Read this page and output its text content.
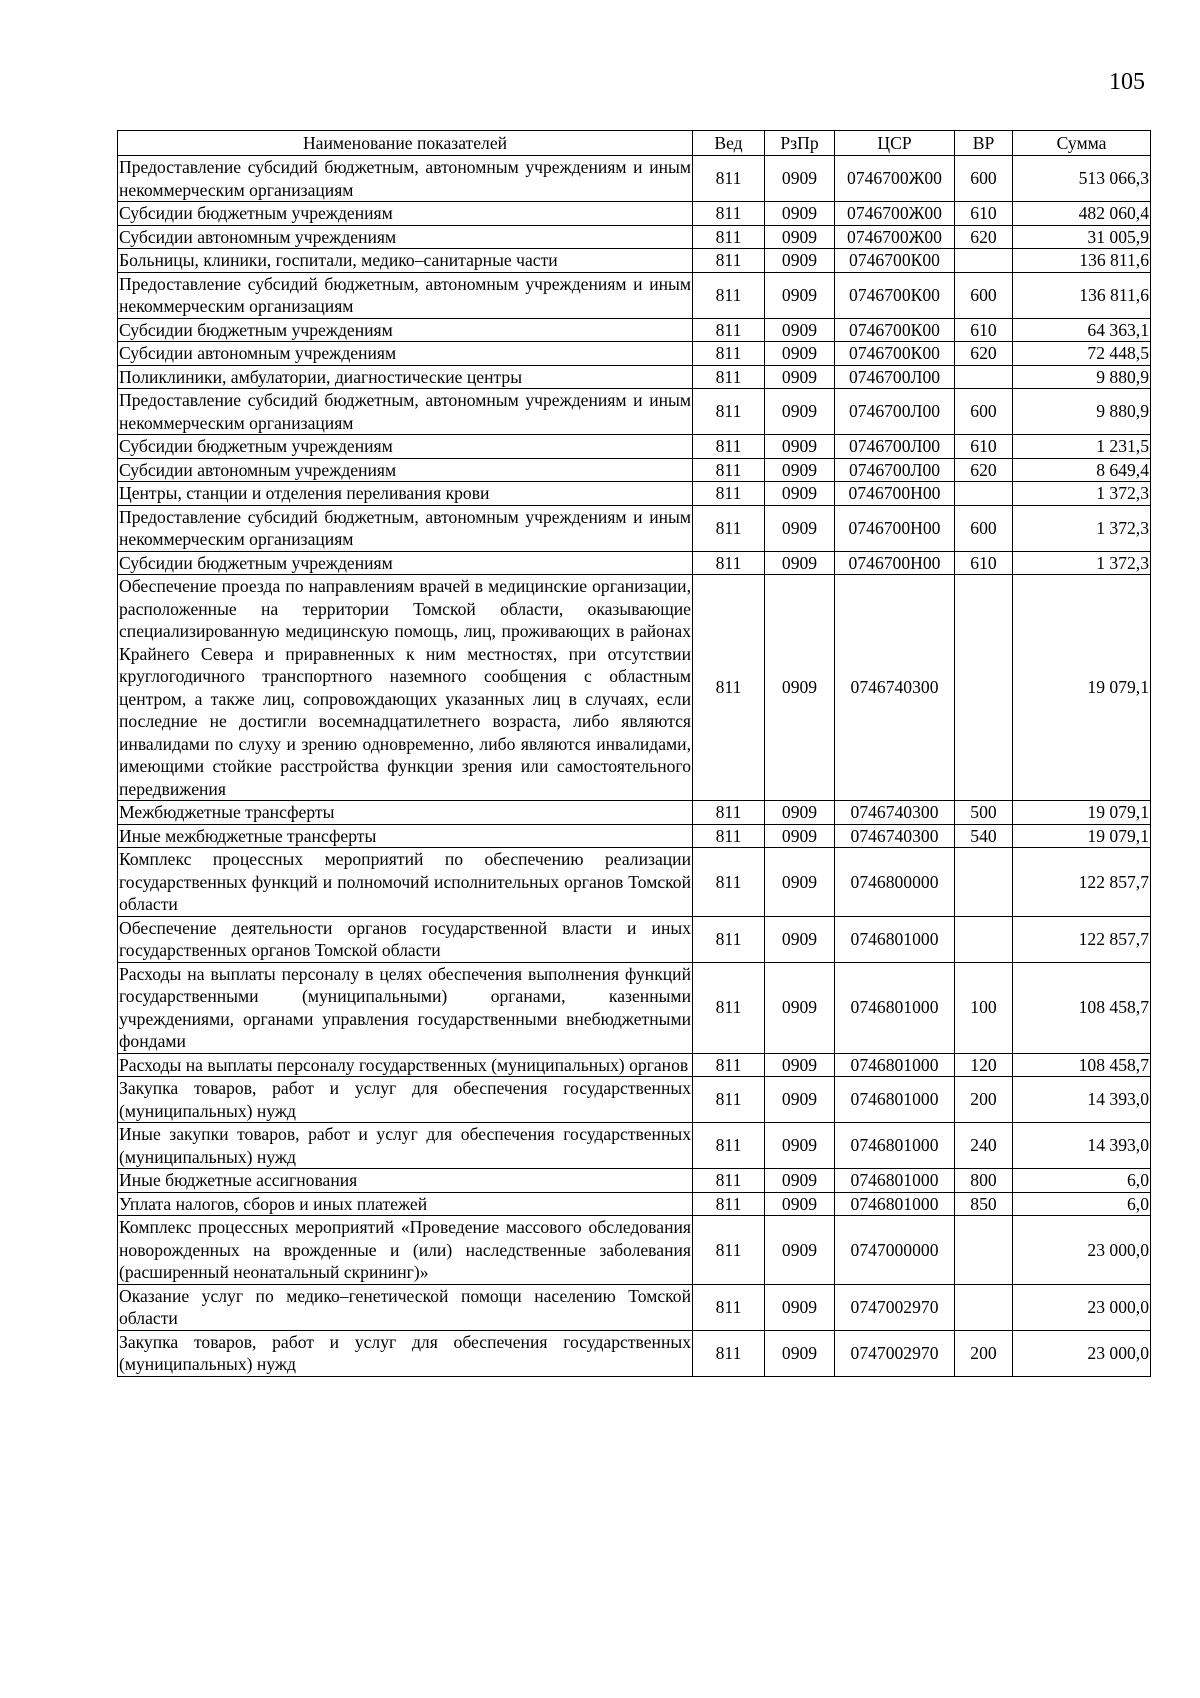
105
Наименование показателей	Вед	РзПр	ЦСР	ВР	Сумма
Предоставление субсидий бюджетным, автономным учреждениям и иным некоммерческим организациям	811	0909	0746700Ж00	600	513 066,3
Субсидии бюджетным учреждениям	811	0909	0746700Ж00	610	482 060,4
Субсидии автономным учреждениям	811	0909	0746700Ж00	620	31 005,9
Больницы, клиники, госпитали, медико–санитарные части	811	0909	0746700К00		136 811,6
Предоставление субсидий бюджетным, автономным учреждениям и иным некоммерческим организациям	811	0909	0746700К00	600	136 811,6
Субсидии бюджетным учреждениям	811	0909	0746700К00	610	64 363,1
Субсидии автономным учреждениям	811	0909	0746700К00	620	72 448,5
Поликлиники, амбулатории, диагностические центры	811	0909	0746700Л00		9 880,9
Предоставление субсидий бюджетным, автономным учреждениям и иным некоммерческим организациям	811	0909	0746700Л00	600	9 880,9
Субсидии бюджетным учреждениям	811	0909	0746700Л00	610	1 231,5
Субсидии автономным учреждениям	811	0909	0746700Л00	620	8 649,4
Центры, станции и отделения переливания крови	811	0909	0746700Н00		1 372,3
Предоставление субсидий бюджетным, автономным учреждениям и иным некоммерческим организациям	811	0909	0746700Н00	600	1 372,3
Субсидии бюджетным учреждениям	811	0909	0746700Н00	610	1 372,3
Обеспечение проезда по направлениям врачей в медицинские организации, расположенные на территории Томской области, оказывающие специализированную медицинскую помощь, лиц, проживающих в районах Крайнего Севера и приравненных к ним местностях, при отсутствии круглогодичного транспортного наземного сообщения с областным центром, а также лиц, сопровождающих указанных лиц в случаях, если последние не достигли восемнадцатилетнего возраста, либо являются инвалидами по слуху и зрению одновременно, либо являются инвалидами, имеющими стойкие расстройства функции зрения или самостоятельного передвижения	811	0909	0746740300		19 079,1
Межбюджетные трансферты	811	0909	0746740300	500	19 079,1
Иные межбюджетные трансферты	811	0909	0746740300	540	19 079,1
Комплекс процессных мероприятий по обеспечению реализации государственных функций и полномочий исполнительных органов Томской области	811	0909	0746800000		122 857,7
Обеспечение деятельности органов государственной власти и иных государственных органов Томской области	811	0909	0746801000		122 857,7
Расходы на выплаты персоналу в целях обеспечения выполнения функций государственными (муниципальными) органами, казенными учреждениями, органами управления государственными внебюджетными фондами	811	0909	0746801000	100	108 458,7
Расходы на выплаты персоналу государственных (муниципальных) органов	811	0909	0746801000	120	108 458,7
Закупка товаров, работ и услуг для обеспечения государственных (муниципальных) нужд	811	0909	0746801000	200	14 393,0
Иные закупки товаров, работ и услуг для обеспечения государственных (муниципальных) нужд	811	0909	0746801000	240	14 393,0
Иные бюджетные ассигнования	811	0909	0746801000	800	6,0
Уплата налогов, сборов и иных платежей	811	0909	0746801000	850	6,0
Комплекс процессных мероприятий «Проведение массового обследования новорожденных на врожденные и (или) наследственные заболевания (расширенный неонатальный скрининг)»	811	0909	0747000000		23 000,0
Оказание услуг по медико–генетической помощи населению Томской области	811	0909	0747002970		23 000,0
Закупка товаров, работ и услуг для обеспечения государственных (муниципальных) нужд	811	0909	0747002970	200	23 000,0
